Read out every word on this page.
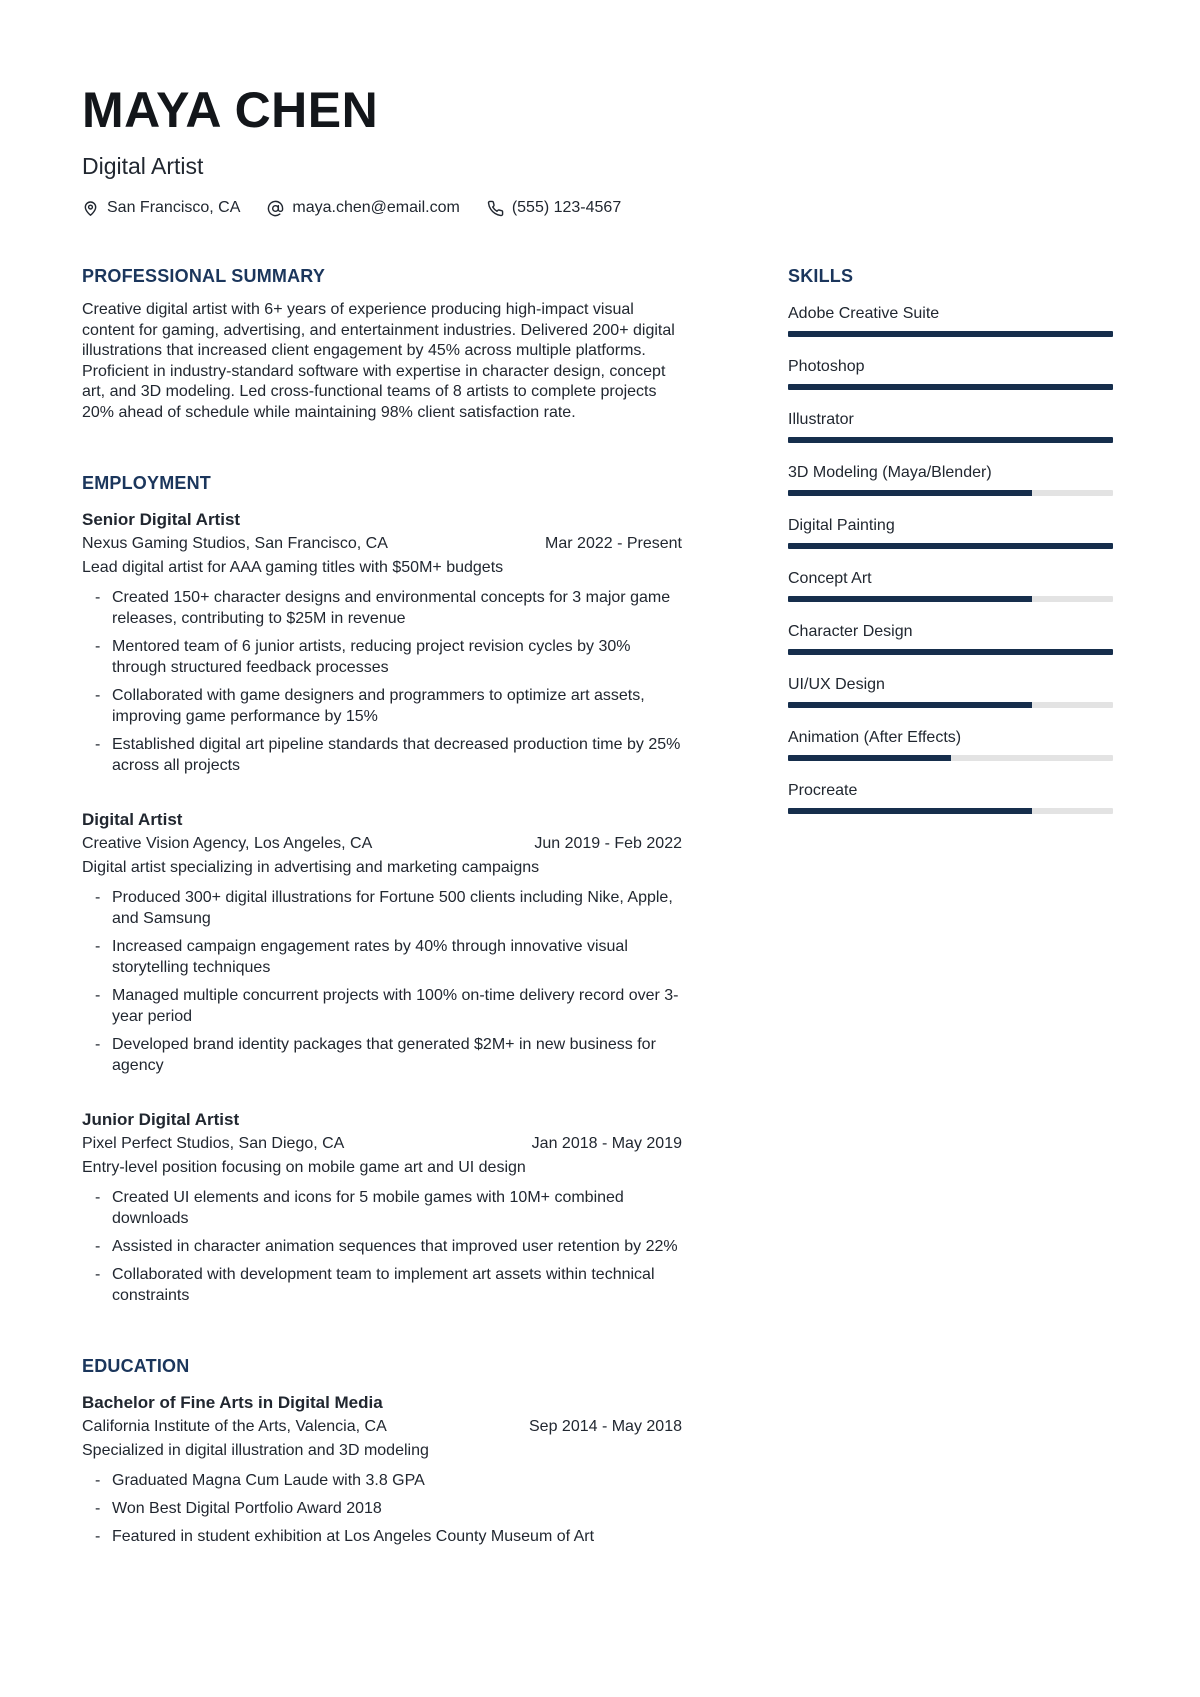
MAYA CHEN
Digital Artist
San Francisco, CA	maya.chen@email.com	(555) 123-4567
PROFESSIONAL SUMMARY

Creative digital artist with 6+ years of experience producing high-impact visual content for gaming, advertising, and entertainment industries. Delivered 200+ digital illustrations that increased client engagement by 45% across multiple platforms. Proficient in industry-standard software with expertise in character design, concept art, and 3D modeling. Led cross-functional teams of 8 artists to complete projects 20% ahead of schedule while maintaining 98% client satisfaction rate.

EMPLOYMENT
Senior Digital Artist
Nexus Gaming Studios, San Francisco, CA	Mar 2022 - Present
Lead digital artist for AAA gaming titles with $50M+ budgets
- Created 150+ character designs and environmental concepts for 3 major game releases, contributing to $25M in revenue
- Mentored team of 6 junior artists, reducing project revision cycles by 30% through structured feedback processes
- Collaborated with game designers and programmers to optimize art assets, improving game performance by 15%
- Established digital art pipeline standards that decreased production time by 25% across all projects
Digital Artist
Creative Vision Agency, Los Angeles, CA	Jun 2019 - Feb 2022
Digital artist specializing in advertising and marketing campaigns
- Produced 300+ digital illustrations for Fortune 500 clients including Nike, Apple, and Samsung
- Increased campaign engagement rates by 40% through innovative visual storytelling techniques
- Managed multiple concurrent projects with 100% on-time delivery record over 3-year period
- Developed brand identity packages that generated $2M+ in new business for agency
Junior Digital Artist
Pixel Perfect Studios, San Diego, CA	Jan 2018 - May 2019
Entry-level position focusing on mobile game art and UI design
- Created UI elements and icons for 5 mobile games with 10M+ combined downloads
- Assisted in character animation sequences that improved user retention by 22%
- Collaborated with development team to implement art assets within technical constraints
EDUCATION
Bachelor of Fine Arts in Digital Media
California Institute of the Arts, Valencia, CA	Sep 2014 - May 2018
Specialized in digital illustration and 3D modeling
- Graduated Magna Cum Laude with 3.8 GPA
- Won Best Digital Portfolio Award 2018
- Featured in student exhibition at Los Angeles County Museum of Art
SKILLS
Adobe Creative Suite
Photoshop
Illustrator
3D Modeling (Maya/Blender)
Digital Painting
Concept Art
Character Design
UI/UX Design
Animation (After Effects)
Procreate
